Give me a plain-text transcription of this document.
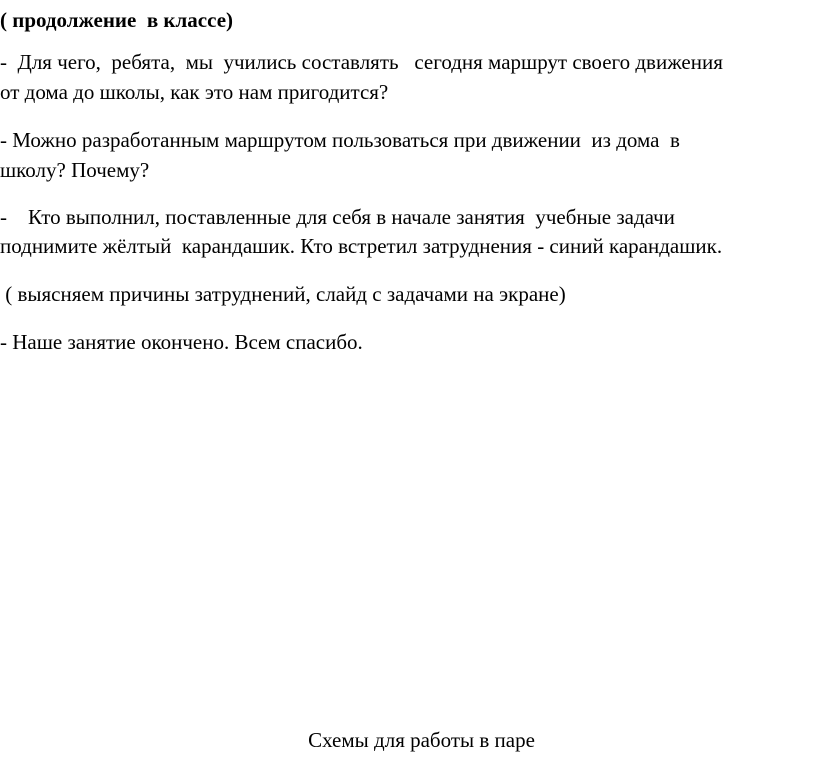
( продолжение  в классе)
-  Для чего,  ребята,  мы  учились составлять   сегодня маршрут своего движения
от дома до школы, как это нам пригодится?
- Можно разработанным маршрутом пользоваться при движении  из дома  в
школу? Почему?
-    Кто выполнил, поставленные для себя в начале занятия  учебные задачи
поднимите жёлтый  карандашик. Кто встретил затруднения - синий карандашик.
( выясняем причины затруднений, слайд с задачами на экране)
- Наше занятие окончено. Всем спасибо.

Схемы для работы в паре
